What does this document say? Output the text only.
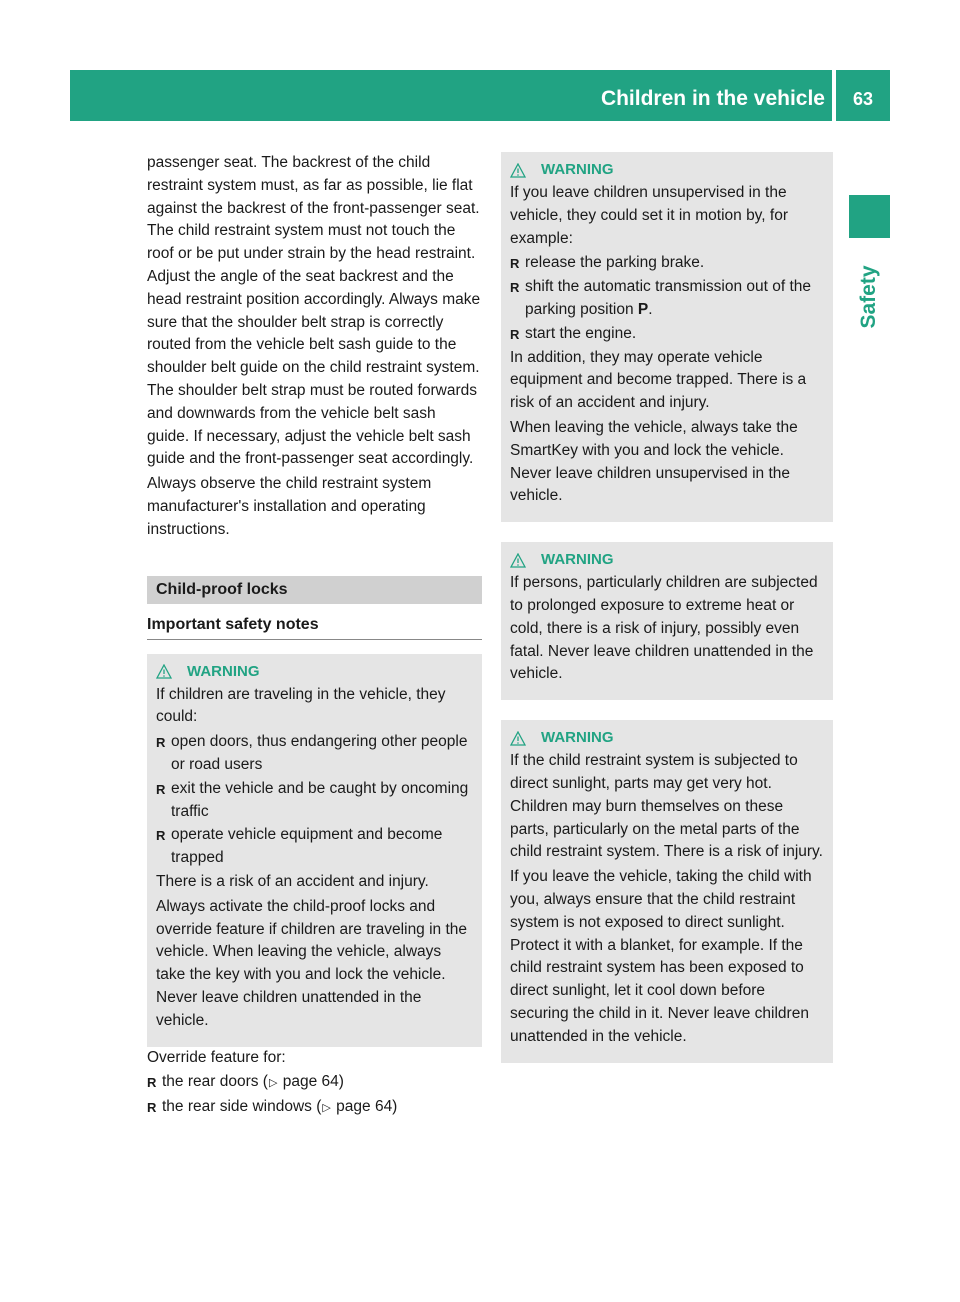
Children in the vehicle	63
Safety

passenger seat. The backrest of the child restraint system must, as far as possible, lie flat against the backrest of the front-passenger seat. The child restraint system must not touch the roof or be put under strain by the head restraint. Adjust the angle of the seat backrest and the head restraint position accordingly. Always make sure that the shoulder belt strap is correctly routed from the vehicle belt sash guide to the shoulder belt guide on the child restraint system. The shoulder belt strap must be routed forwards and downwards from the vehicle belt sash guide. If necessary, adjust the vehicle belt sash guide and the front-passenger seat accordingly.

Always observe the child restraint system manufacturer's installation and operating instructions.

Child-proof locks
Important safety notes
WARNING

If children are traveling in the vehicle, they could:

R open doors, thus endangering other people or road users
R exit the vehicle and be caught by oncoming traffic
R operate vehicle equipment and become trapped

There is a risk of an accident and injury.

Always activate the child-proof locks and override feature if children are traveling in the vehicle. When leaving the vehicle, always take the key with you and lock the vehicle. Never leave children unattended in the vehicle.

Override feature for:

R the rear doors (▷ page 64)
R the rear side windows (▷ page 64)
WARNING

If you leave children unsupervised in the vehicle, they could set it in motion by, for example:

R release the parking brake.
R shift the automatic transmission out of the parking position P.
R start the engine.

In addition, they may operate vehicle equipment and become trapped. There is a risk of an accident and injury.

When leaving the vehicle, always take the SmartKey with you and lock the vehicle. Never leave children unsupervised in the vehicle.

WARNING

If persons, particularly children are subjected to prolonged exposure to extreme heat or cold, there is a risk of injury, possibly even fatal. Never leave children unattended in the vehicle.

WARNING

If the child restraint system is subjected to direct sunlight, parts may get very hot. Children may burn themselves on these parts, particularly on the metal parts of the child restraint system. There is a risk of injury.

If you leave the vehicle, taking the child with you, always ensure that the child restraint system is not exposed to direct sunlight. Protect it with a blanket, for example. If the child restraint system has been exposed to direct sunlight, let it cool down before securing the child in it. Never leave children unattended in the vehicle.
